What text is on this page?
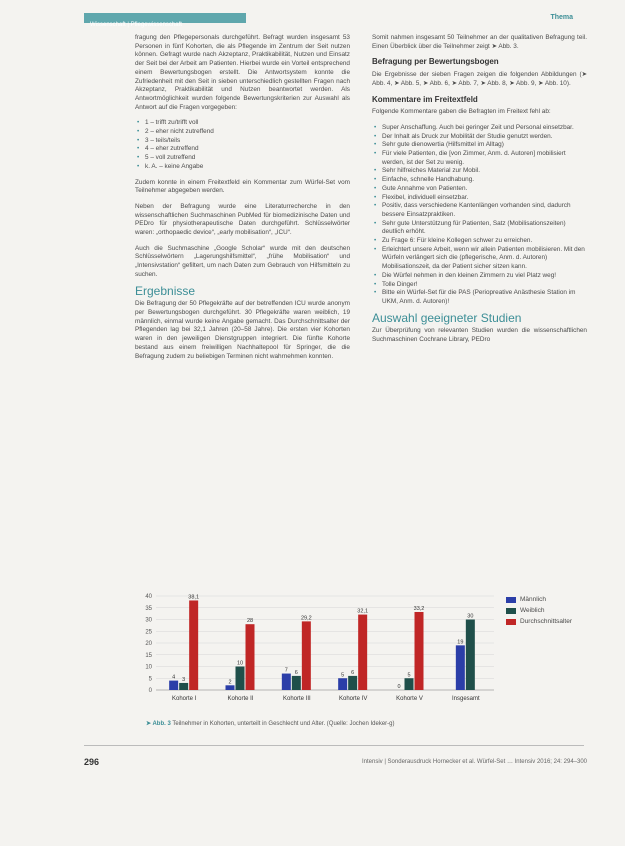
Wissenschaft | Pflegewissenschaft
Thema

fragung den Pflegepersonals durchgeführt. Befragt wurden insgesamt 53 Personen in fünf Kohorten, die als Pflegende im Zentrum der Seit nutzen können. Gefragt wurde nach Akzeptanz, Praktikabilität, Nutzen und Einsatz der Seit bei der Arbeit am Patienten. Hierbei wurde ein Vorteil entsprechend einem Bewertungsbogen erstellt. Die Antwortsystem konnte die Zufriedenheit mit den Seit in sieben unterschiedlich gestellten Fragen nach Akzeptanz, Praktikabilität und Nutzen beantwortet werden. Als Antwortmöglichkeit wurden folgende Bewertungskriterien zur Auswahl als Antwort auf die Fragen vorgegeben:

• 1 – trifft zu/trifft voll
• 2 – eher nicht zutreffend
• 3 – teils/teils
• 4 – eher zutreffend
• 5 – voll zutreffend
• k. A. – keine Angabe

Zudem konnte in einem Freitextfeld ein Kommentar zum Würfel-Set vom Teilnehmer abgegeben werden.

Neben der Befragung wurde eine Literaturrecherche in den wissenschaftlichen Suchmaschinen PubMed für biomedizinische Daten und PEDro für physiotherapeutische Daten durchgeführt. Schlüsselwörter waren: „orthopaedic device“, „early mobilisation“, „ICU“.

Auch die Suchmaschine „Google Scholar“ wurde mit den deutschen Schlüsselwörtern „Lagerungshilfsmittel“, „frühe Mobilisation“ und „Intensivstation“ gefiltert, um nach Daten zum Gebrauch von Hilfsmitteln zu suchen.

Ergebnisse

Die Befragung der 50 Pflegekräfte auf der betreffenden ICU wurde anonym per Bewertungsbogen durchgeführt. 30 Pflegekräfte waren weiblich, 19 männlich, einmal wurde keine Angabe gemacht. Das Durchschnittsalter der Pflegenden lag bei 32,1 Jahren (20–58 Jahre). Die ersten vier Kohorten waren in den jeweiligen Dienstgruppen integriert. Die fünfte Kohorte bestand aus einem freiwilligen Nachhaltepool für Springer, die die Befragung zudem zu beliebigen Terminen nicht wahrnehmen konnten.

Somit nahmen insgesamt 50 Teilnehmer an der qualitativen Befragung teil. Einen Überblick über die Teilnehmer zeigt ➤ Abb. 3.

Befragung per Bewertungsbogen

Die Ergebnisse der sieben Fragen zeigen die folgenden Abbildungen (➤ Abb. 4, ➤ Abb. 5, ➤ Abb. 6, ➤ Abb. 7, ➤ Abb. 8, ➤ Abb. 9, ➤ Abb. 10).

Kommentare im Freitextfeld

Folgende Kommentare gaben die Befragten im Freitext fehl ab:

• Super Anschaffung. Auch bei geringer Zeit und Personal einsetzbar.
• Der Inhalt als Druck zur Mobilität der Studie genutzt werden.
• Sehr gute dienowertia (Hilfsmittel im Alltag)
• Für viele Patienten, die [von Zimmer, Anm. d. Autoren] mobilisiert werden, ist der Set zu wenig.
• Sehr hilfreiches Material zur Mobil.
• Einfache, schnelle Handhabung.
• Gute Annahme von Patienten.
• Flexibel, individuell einsetzbar.
• Positiv, dass verschiedene Kantenlängen vorhanden sind, dadurch bessere Einsatzpraktiken.
• Sehr gute Unterstützung für Patienten, Satz (Mobilisationszeiten) deutlich erhöht.
• Zu Frage 6: Für kleine Kollegen schwer zu erreichen.
• Erleichtert unsere Arbeit, wenn wir allein Patienten mobilisieren. Mit den Würfeln verlängert sich die (pflegerische, Anm. d. Autoren) Mobilisationszeit, da der Patient sicher sitzen kann.
• Die Würfel nehmen in den kleinen Zimmern zu viel Platz weg!
• Tolle Dinger!
• Bitte ein Würfel-Set für die PAS (Periopreative Anästhesie Station im UKM, Anm. d. Autoren)!
Auswahl geeigneter Studien

Zur Überprüfung von relevanten Studien wurden die wissenschaftlichen Suchmaschinen Cochrane Library, PEDro

0
5
10
15
20
25
30
35
40
4 3
38,1
Kohorte I
2
10
28
Kohorte II
7 6
29,2
Kohorte III
5 6
32,1
Kohorte IV
0
5
33,2
Kohorte V
19
30
Insgesamt
Männlich
Weiblich
Durchschnittsalter
➤ Abb. 3 Teilnehmer in Kohorten, unterteilt in Geschlecht und Alter. (Quelle: Jochen Ideker-g)
296	Intensiv | Sonderausdruck Hornecker et al. Würfel-Set … Intensiv 2016; 24: 294–300
